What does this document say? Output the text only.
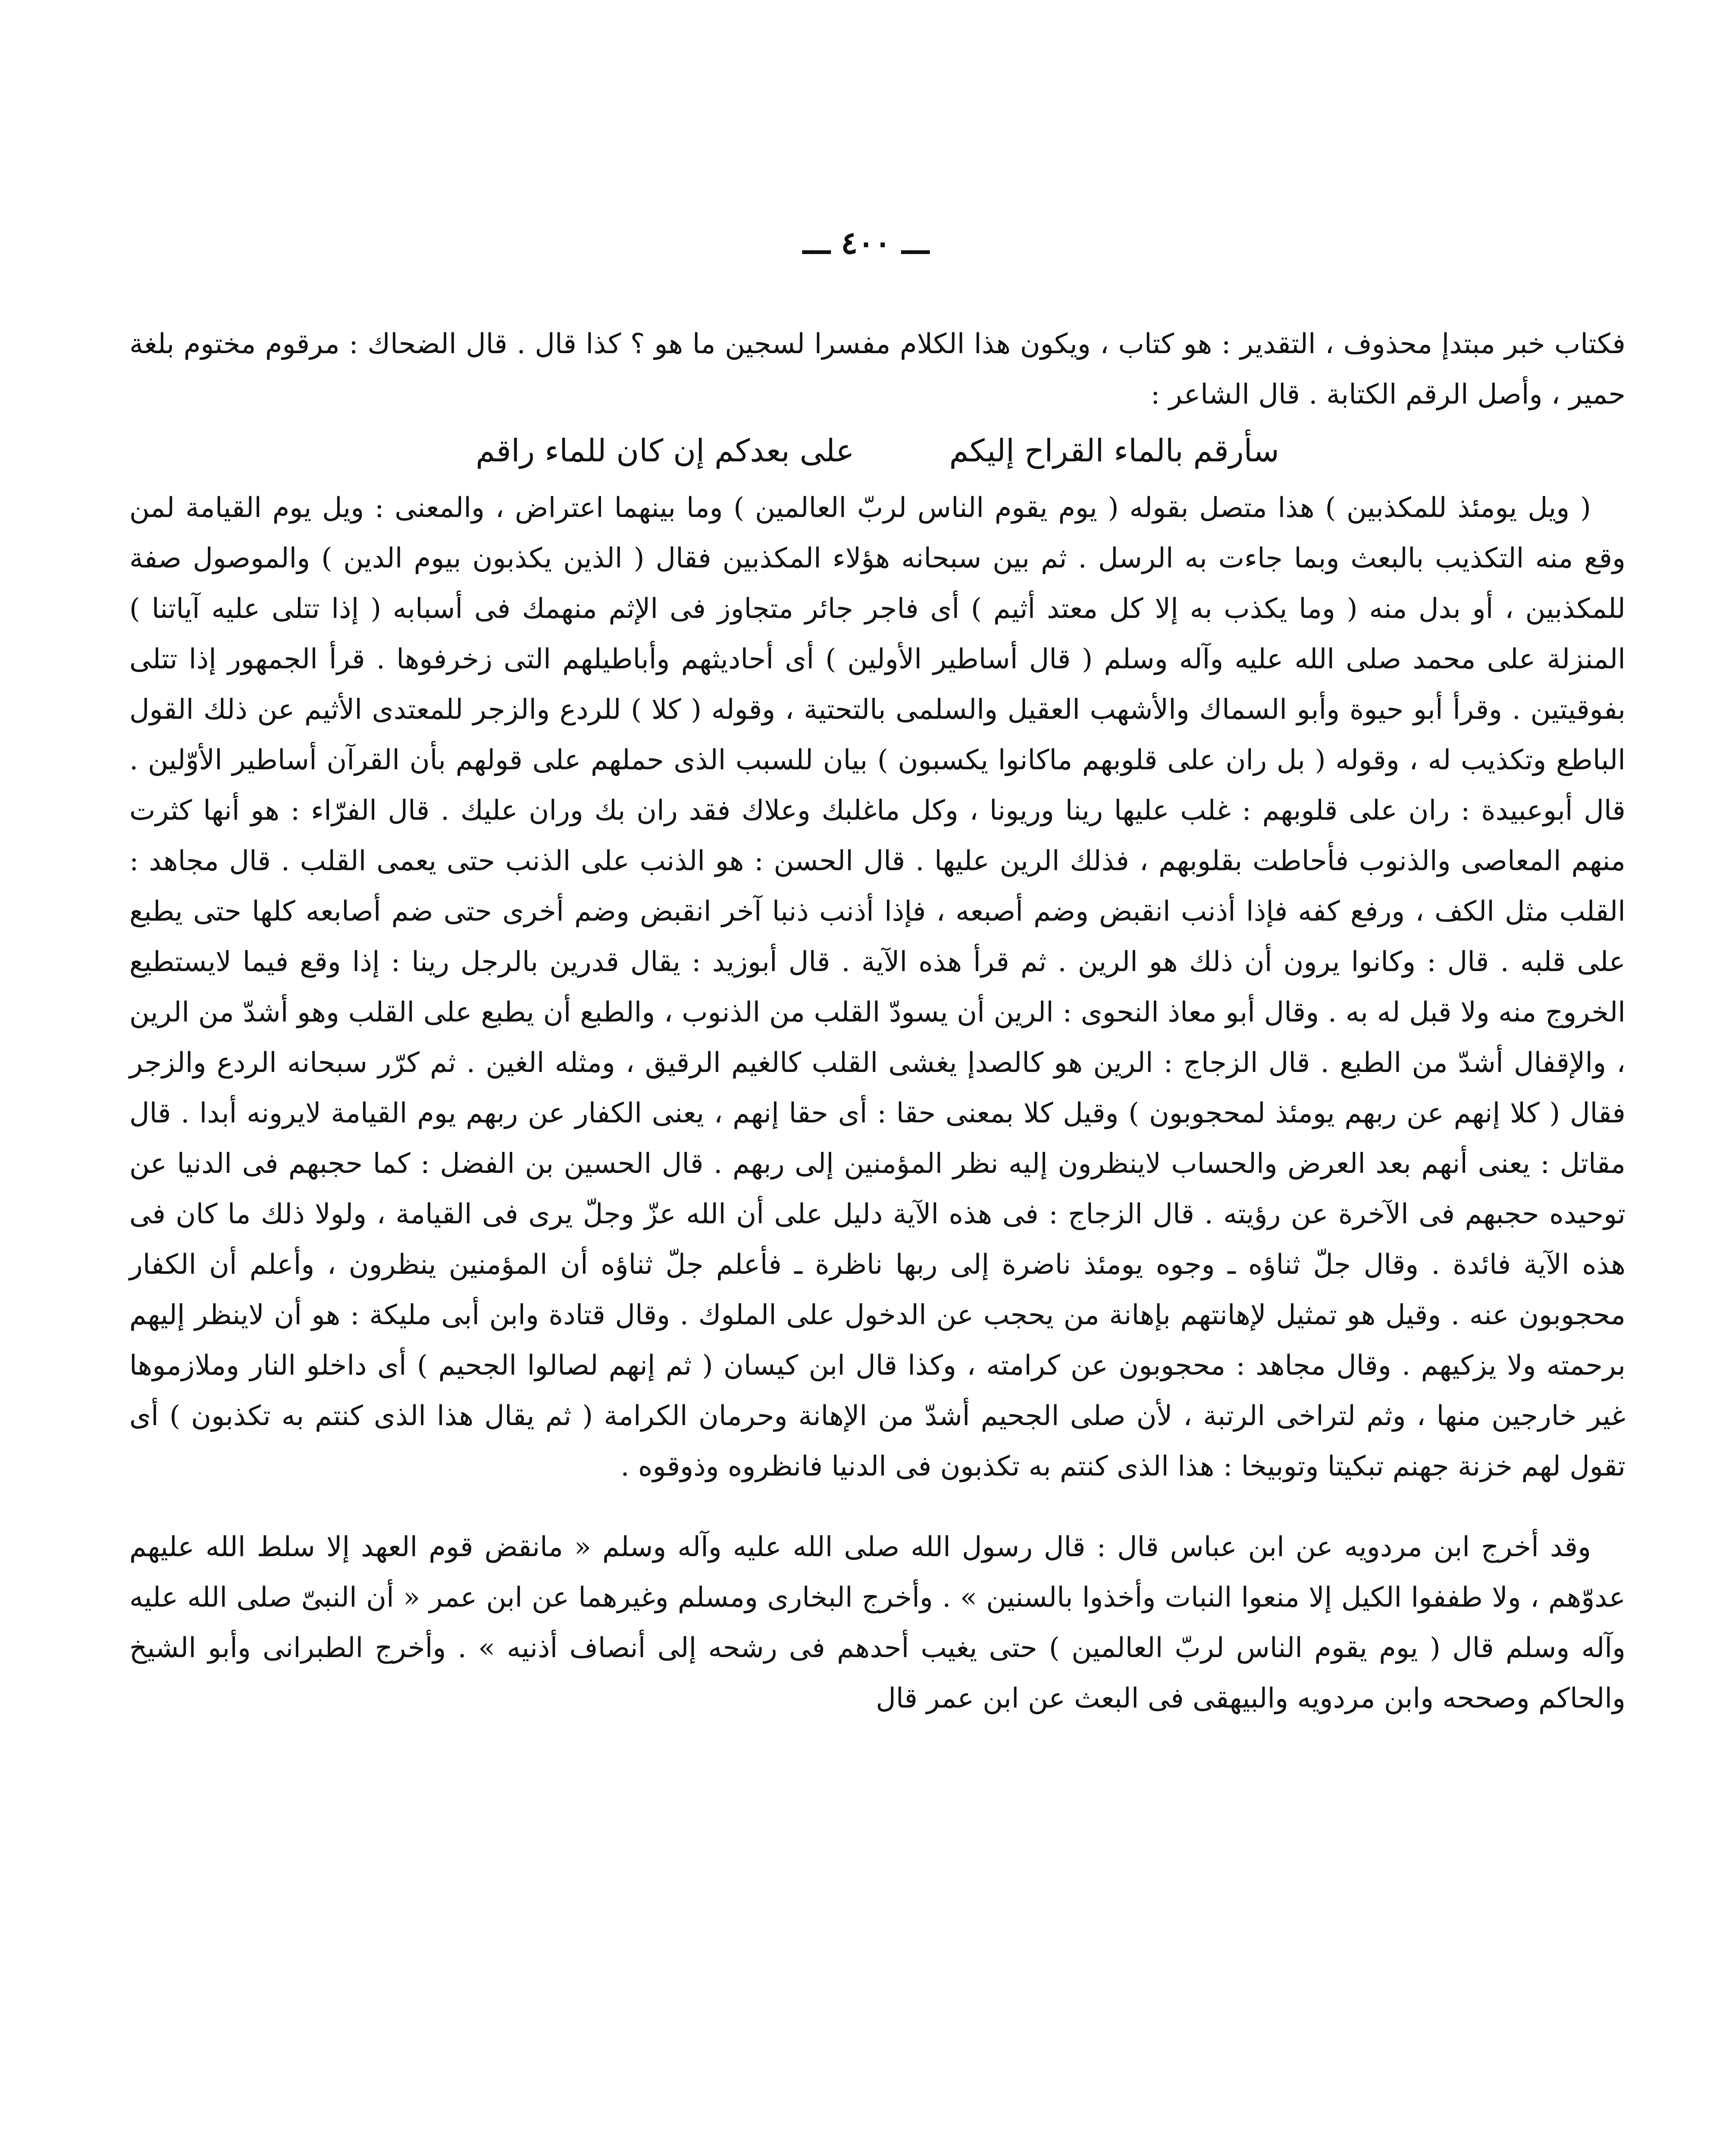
ـــ ٤٠٠ ـــ

فكتاب خبر مبتدإ محذوف ، التقدير : هو كتاب ، ويكون هذا الكلام مفسرا لسجين ما هو ؟ كذا قال . قال الضحاك : مرقوم مختوم بلغة حمير ، وأصل الرقم الكتابة . قال الشاعر :

سأرقم بالماء القراح إليكم
على بعدكم إن كان للماء راقم

( ويل يومئذ للمكذبين ) هذا متصل بقوله ( يوم يقوم الناس لربّ العالمين ) وما بينهما اعتراض ، والمعنى : ويل يوم القيامة لمن وقع منه التكذيب بالبعث وبما جاءت به الرسل . ثم بين سبحانه هؤلاء المكذبين فقال ( الذين يكذبون بيوم الدين ) والموصول صفة للمكذبين ، أو بدل منه ( وما يكذب به إلا كل معتد أثيم ) أى فاجر جائر متجاوز فى الإثم منهمك فى أسبابه ( إذا تتلى عليه آياتنا ) المنزلة على محمد صلى الله عليه وآله وسلم ( قال أساطير الأولين ) أى أحاديثهم وأباطيلهم التى زخرفوها . قرأ الجمهور إذا تتلى بفوقيتين . وقرأ أبو حيوة وأبو السماك والأشهب العقيل والسلمى بالتحتية ، وقوله ( كلا ) للردع والزجر للمعتدى الأثيم عن ذلك القول الباطع وتكذيب له ، وقوله ( بل ران على قلوبهم ماكانوا يكسبون ) بيان للسبب الذى حملهم على قولهم بأن القرآن أساطير الأوّلين . قال أبوعبيدة : ران على قلوبهم : غلب عليها رينا وريونا ، وكل ماغلبك وعلاك فقد ران بك وران عليك . قال الفرّاء : هو أنها كثرت منهم المعاصى والذنوب فأحاطت بقلوبهم ، فذلك الرين عليها . قال الحسن : هو الذنب على الذنب حتى يعمى القلب . قال مجاهد : القلب مثل الكف ، ورفع كفه فإذا أذنب انقبض وضم أصبعه ، فإذا أذنب ذنبا آخر انقبض وضم أخرى حتى ضم أصابعه كلها حتى يطبع على قلبه . قال : وكانوا يرون أن ذلك هو الرين . ثم قرأ هذه الآية . قال أبوزيد : يقال قدرين بالرجل رينا : إذا وقع فيما لايستطيع الخروج منه ولا قبل له به . وقال أبو معاذ النحوى : الرين أن يسودّ القلب من الذنوب ، والطبع أن يطبع على القلب وهو أشدّ من الرين ، والإقفال أشدّ من الطبع . قال الزجاج : الرين هو كالصدإ يغشى القلب كالغيم الرقيق ، ومثله الغين . ثم كرّر سبحانه الردع والزجر فقال ( كلا إنهم عن ربهم يومئذ لمحجوبون ) وقيل كلا بمعنى حقا : أى حقا إنهم ، يعنى الكفار عن ربهم يوم القيامة لايرونه أبدا . قال مقاتل : يعنى أنهم بعد العرض والحساب لاينظرون إليه نظر المؤمنين إلى ربهم . قال الحسين بن الفضل : كما حجبهم فى الدنيا عن توحيده حجبهم فى الآخرة عن رؤيته . قال الزجاج : فى هذه الآية دليل على أن الله عزّ وجلّ يرى فى القيامة ، ولولا ذلك ما كان فى هذه الآية فائدة . وقال جلّ ثناؤه ـ وجوه يومئذ ناضرة إلى ربها ناظرة ـ فأعلم جلّ ثناؤه أن المؤمنين ينظرون ، وأعلم أن الكفار محجوبون عنه . وقيل هو تمثيل لإهانتهم بإهانة من يحجب عن الدخول على الملوك . وقال قتادة وابن أبى مليكة : هو أن لاينظر إليهم برحمته ولا يزكيهم . وقال مجاهد : محجوبون عن كرامته ، وكذا قال ابن كيسان ( ثم إنهم لصالوا الجحيم ) أى داخلو النار وملازموها غير خارجين منها ، وثم لتراخى الرتبة ، لأن صلى الجحيم أشدّ من الإهانة وحرمان الكرامة ( ثم يقال هذا الذى كنتم به تكذبون ) أى تقول لهم خزنة جهنم تبكيتا وتوبيخا : هذا الذى كنتم به تكذبون فى الدنيا فانظروه وذوقوه .

وقد أخرج ابن مردويه عن ابن عباس قال : قال رسول الله صلى الله عليه وآله وسلم « مانقض قوم العهد إلا سلط الله عليهم عدوّهم ، ولا طففوا الكيل إلا منعوا النبات وأخذوا بالسنين » . وأخرج البخارى ومسلم وغيرهما عن ابن عمر « أن النبىّ صلى الله عليه وآله وسلم قال ( يوم يقوم الناس لربّ العالمين ) حتى يغيب أحدهم فى رشحه إلى أنصاف أذنيه » . وأخرج الطبرانى وأبو الشيخ والحاكم وصححه وابن مردويه والبيهقى فى البعث عن ابن عمر قال
